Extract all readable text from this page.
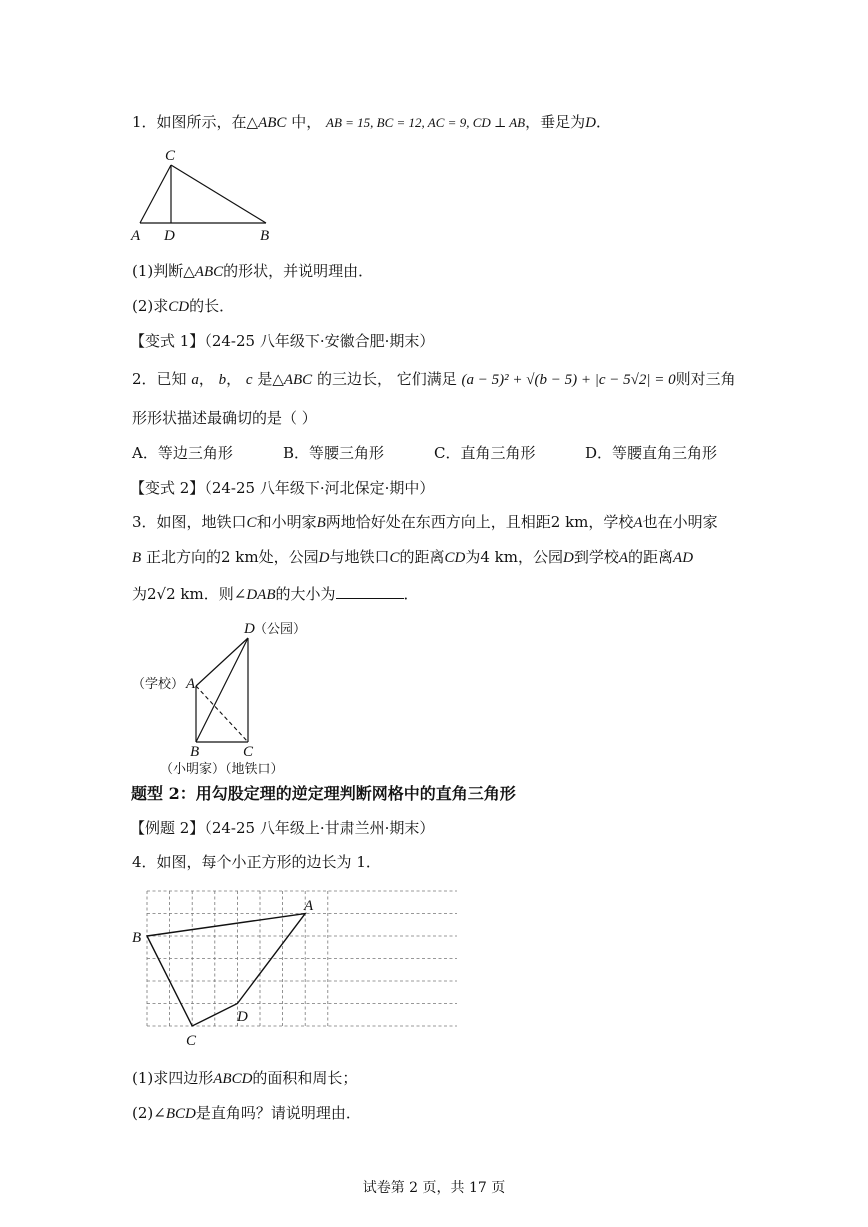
1．如图所示，在△ABC 中， AB = 15, BC = 12, AC = 9, CD ⊥ AB，垂足为D．
C
A D	B
(1)判断△ABC的形状，并说明理由．
(2)求CD的长．
【变式 1】（24-25 八年级下·安徽合肥·期末）
2．已知 a， b， c 是△ABC 的三边长， 它们满足 (a − 5)² + √(b − 5) + |c − 5√2| = 0则对三角
形形状描述最确切的是（ ）
A．等边三角形	B．等腰三角形	C．直角三角形	D．等腰直角三角形
【变式 2】（24-25 八年级下·河北保定·期中）
3．如图，地铁口C和小明家B两地恰好处在东西方向上，且相距2 km，学校A也在小明家
B 正北方向的2 km处，公园D与地铁口C的距离CD为4 km，公园D到学校A的距离AD
为2√2 km．则∠DAB的大小为	．
D （公园）
（学校） A
B	C
（小明家）（地铁口）
题型 2：用勾股定理的逆定理判断网格中的直角三角形
【例题 2】（24-25 八年级上·甘肃兰州·期末）
4．如图，每个小正方形的边长为 1．
A
B
C
D
(1)求四边形ABCD的面积和周长；
(2)∠BCD是直角吗？请说明理由．
试卷第 2 页，共 17 页
